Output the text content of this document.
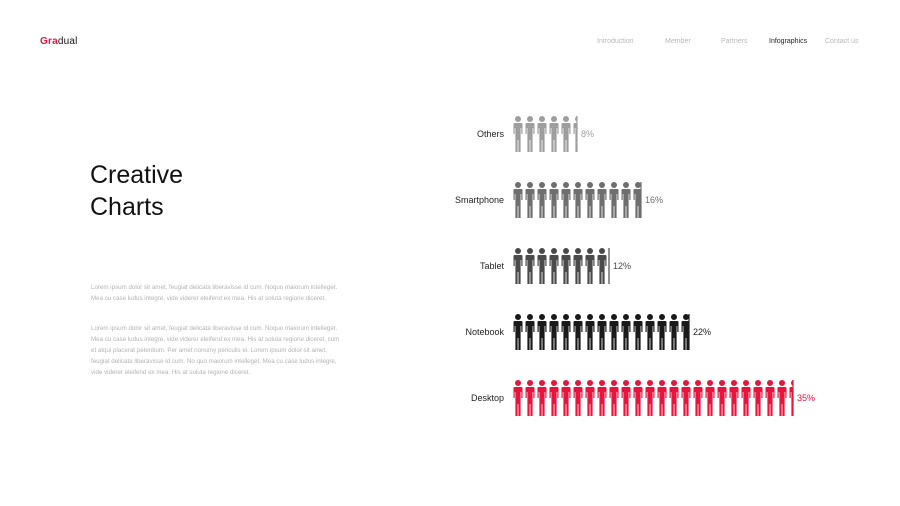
Gradual	Introduction	Member	Partners	Infographics	Contact us
Creative
Charts

Lorem ipsum dolor sit amet, feugiat delicata liberavisse id cum. Noquo maiorum intelleget. Mea cu case ludus integre, vide viderer eleifend ex mea. His at soluta regione diceret.

Lorem ipsum dolor sit amet, feugiat delicata liberavisse id cum. Noquo maiorum intelleget. Mea cu case ludus integre, vide viderer eleifend ex mea. His at soluta regione diceret, cum et atqui placerat petentium. Per amet nonumy periculis ei. Lorem ipsum dolor sit amet, feugiat delicata liberavisse id cum. No quo maiorum intelleget. Mea cu case ludus integre, vide viderer eleifend ex mea. His at soluta regione diceret.

Others	8%
Smartphone	16%
Tablet	12%
Notebook	22%
Desktop	35%
